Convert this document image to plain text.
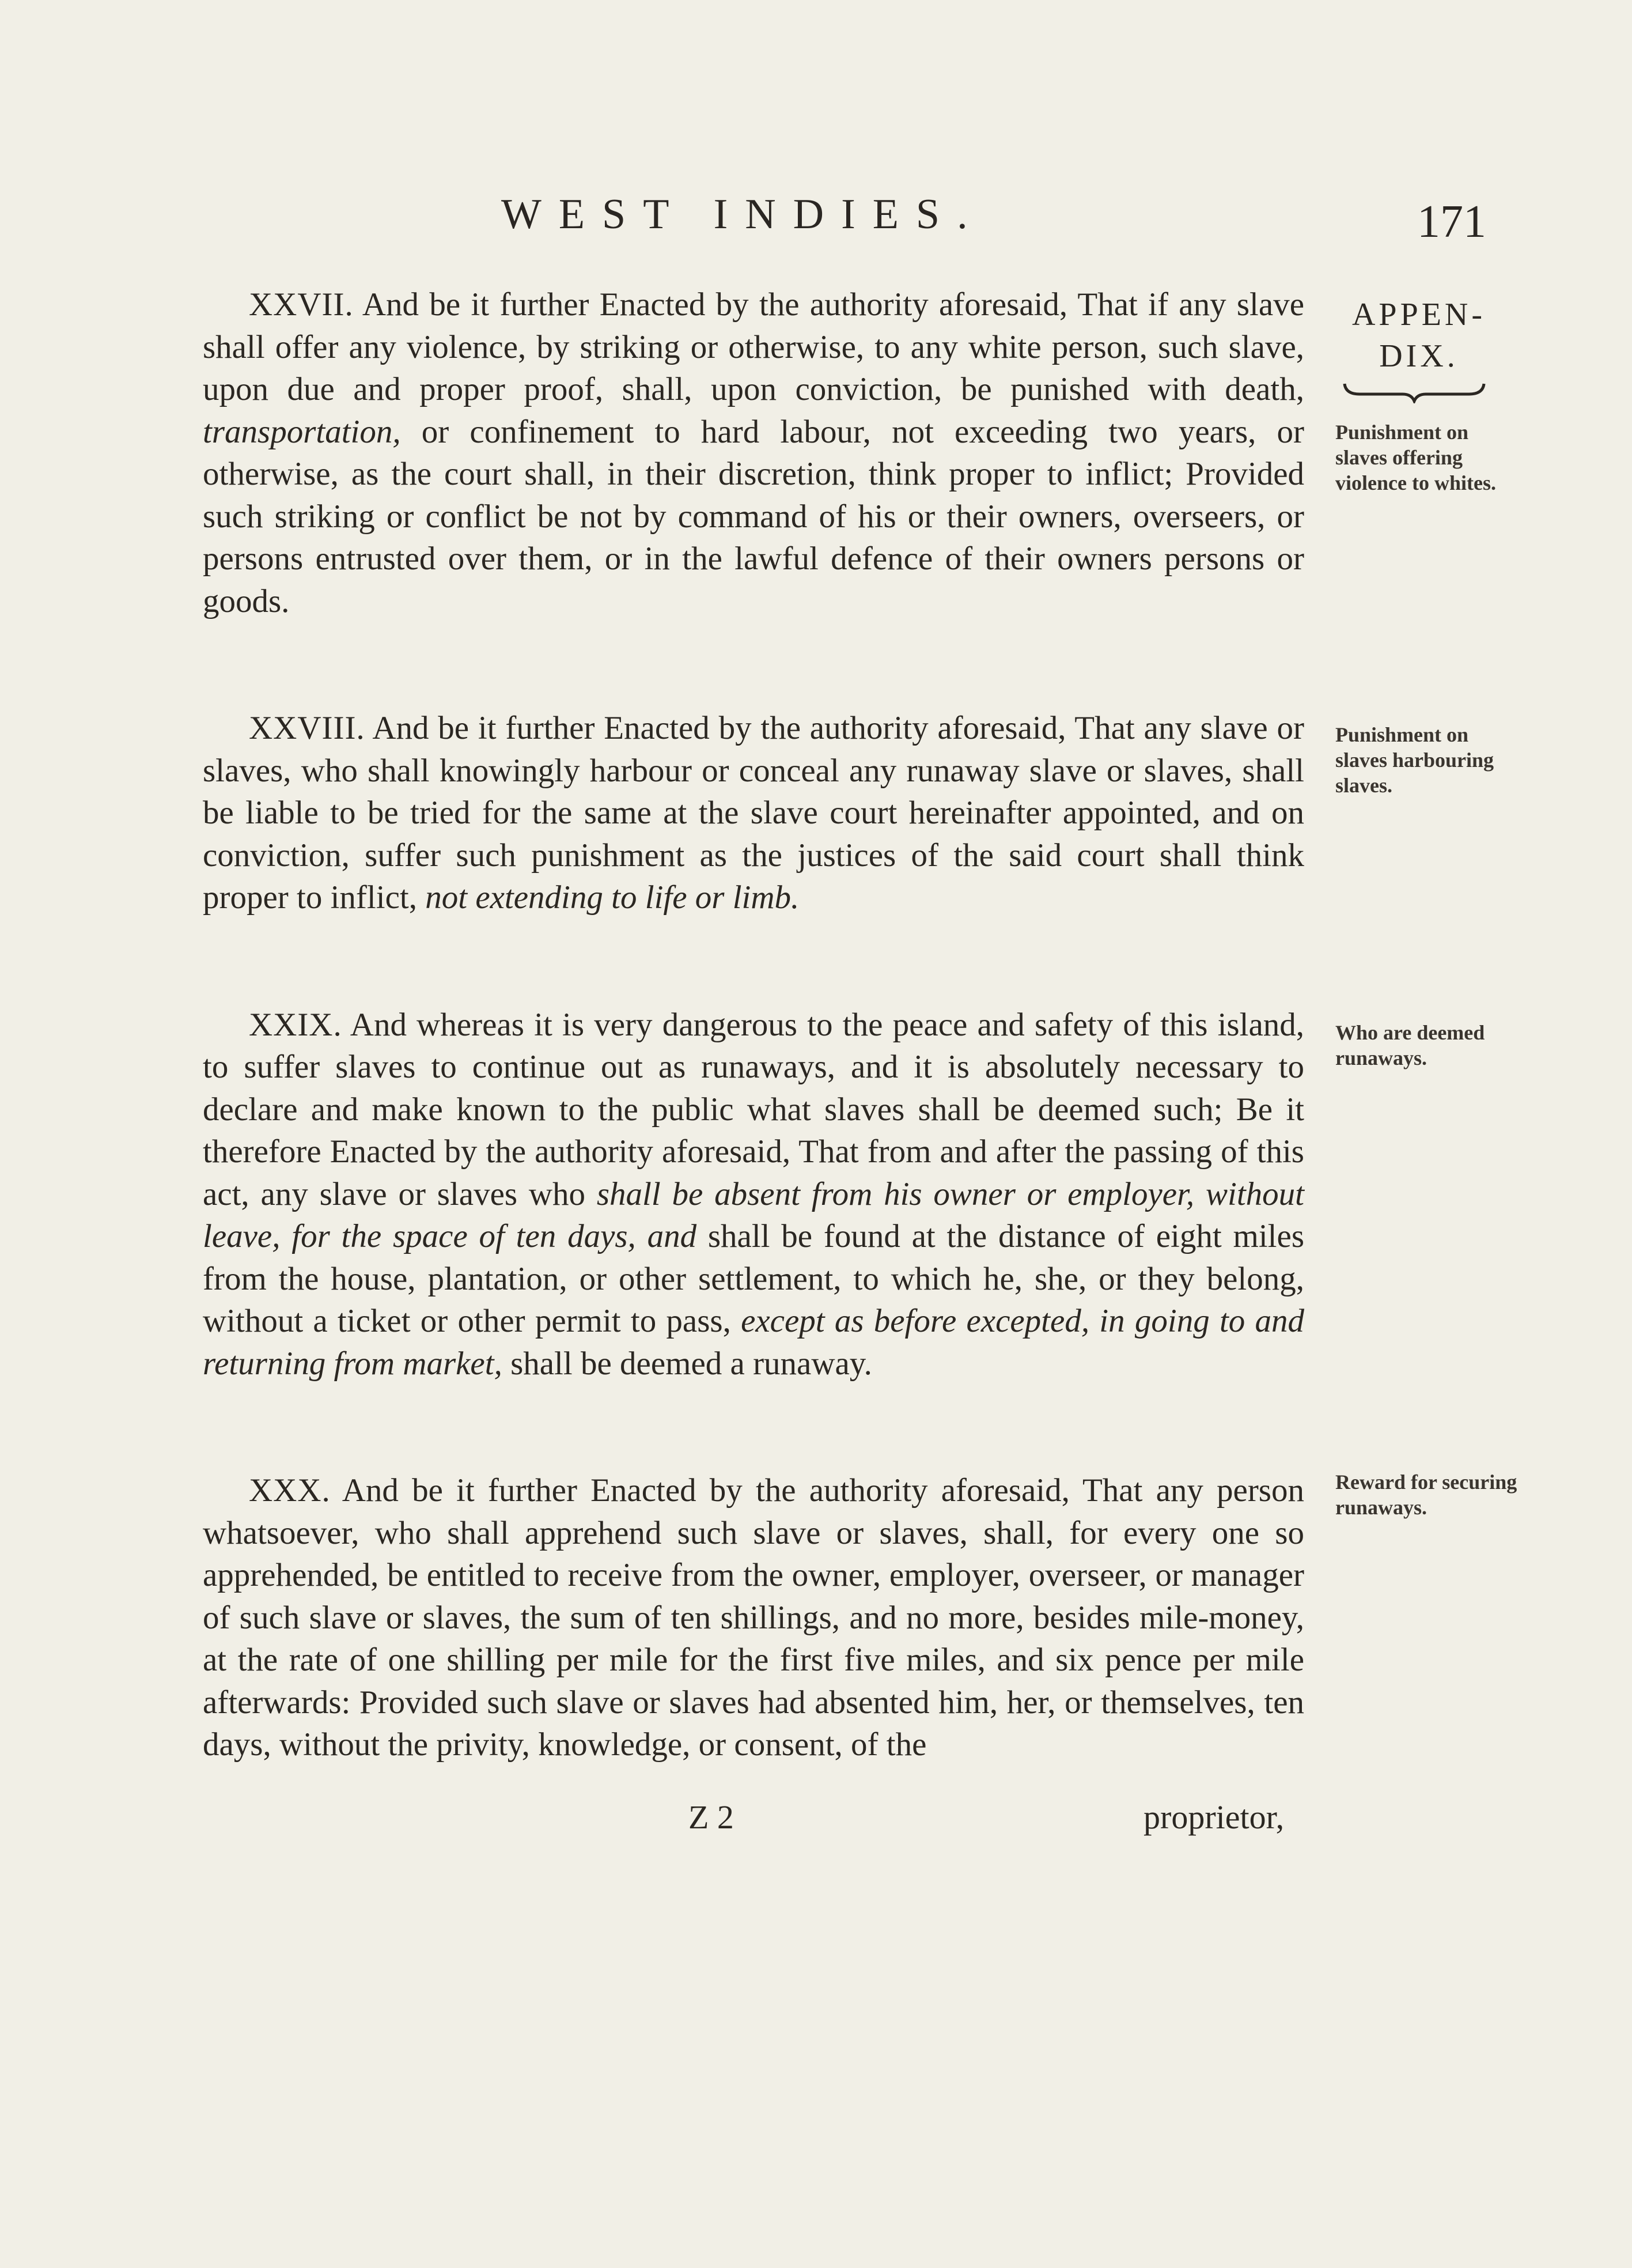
WEST INDIES.	171
APPEN-
DIX.
Punishment on slaves offering violence to whites.
Punishment on slaves harbouring slaves.
Who are deemed runaways.
Reward for securing runaways.

XXVII. And be it further Enacted by the authority aforesaid, That if any slave shall offer any violence, by striking or otherwise, to any white person, such slave, upon due and proper proof, shall, upon conviction, be punished with death, transportation, or confinement to hard labour, not exceeding two years, or otherwise, as the court shall, in their discretion, think proper to inflict; Provided such striking or conflict be not by command of his or their owners, overseers, or persons entrusted over them, or in the lawful defence of their owners persons or goods.

XXVIII. And be it further Enacted by the authority aforesaid, That any slave or slaves, who shall knowingly harbour or conceal any runaway slave or slaves, shall be liable to be tried for the same at the slave court hereinafter appointed, and on conviction, suffer such punishment as the justices of the said court shall think proper to inflict, not extending to life or limb.

XXIX. And whereas it is very dangerous to the peace and safety of this island, to suffer slaves to continue out as runaways, and it is absolutely necessary to declare and make known to the public what slaves shall be deemed such; Be it therefore Enacted by the authority aforesaid, That from and after the passing of this act, any slave or slaves who shall be absent from his owner or employer, without leave, for the space of ten days, and shall be found at the distance of eight miles from the house, plantation, or other settlement, to which he, she, or they belong, without a ticket or other permit to pass, except as before excepted, in going to and returning from market, shall be deemed a runaway.

XXX. And be it further Enacted by the authority aforesaid, That any person whatsoever, who shall apprehend such slave or slaves, shall, for every one so apprehended, be entitled to receive from the owner, employer, overseer, or manager of such slave or slaves, the sum of ten shillings, and no more, besides mile-money, at the rate of one shilling per mile for the first five miles, and six pence per mile afterwards: Provided such slave or slaves had absented him, her, or themselves, ten days, without the privity, knowledge, or consent, of the

Z 2	proprietor,
